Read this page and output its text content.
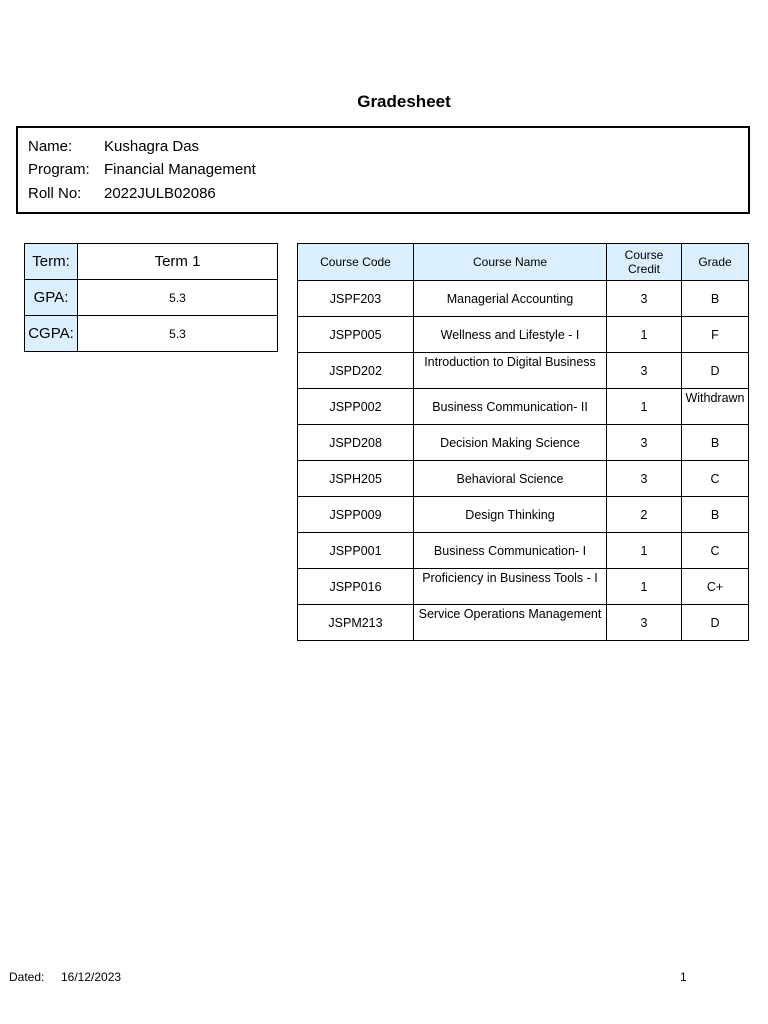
Gradesheet
Name: Kushagra Das
Program: Financial Management
Roll No: 2022JULB02086
Term:	Term 1
GPA:	5.3
CGPA:	5.3
Course Code	Course Name	Course Credit	Grade
JSPF203	Managerial Accounting	3	B
JSPP005	Wellness and Lifestyle - I	1	F
JSPD202	Introduction to Digital Business	3	D
JSPP002	Business Communication- II	1	Withdrawn
JSPD208	Decision Making Science	3	B
JSPH205	Behavioral Science	3	C
JSPP009	Design Thinking	2	B
JSPP001	Business Communication- I	1	C
JSPP016	Proficiency in Business Tools - I	1	C+
JSPM213	Service Operations Management	3	D
Dated: 16/12/2023	1
